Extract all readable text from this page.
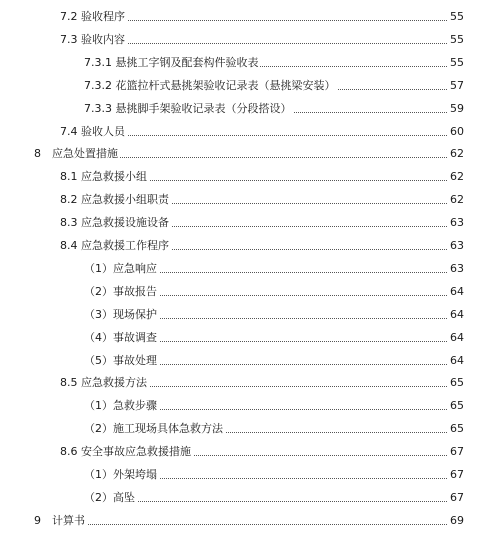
7.2 验收程序	55
7.3 验收内容	55
7.3.1 悬挑工字钢及配套构件验收表	55
7.3.2 花篮拉杆式悬挑架验收记录表（悬挑梁安装）	57
7.3.3 悬挑脚手架验收记录表（分段搭设）	59
7.4 验收人员	60
8 应急处置措施	62
8.1 应急救援小组	62
8.2 应急救援小组职责	62
8.3 应急救援设施设备	63
8.4 应急救援工作程序	63
（1）应急响应	63
（2）事故报告	64
（3）现场保护	64
（4）事故调查	64
（5）事故处理	64
8.5 应急救援方法	65
（1）急救步骤	65
（2）施工现场具体急救方法	65
8.6 安全事故应急救援措施	67
（1）外架垮塌	67
（2）高坠	67
9 计算书	69
